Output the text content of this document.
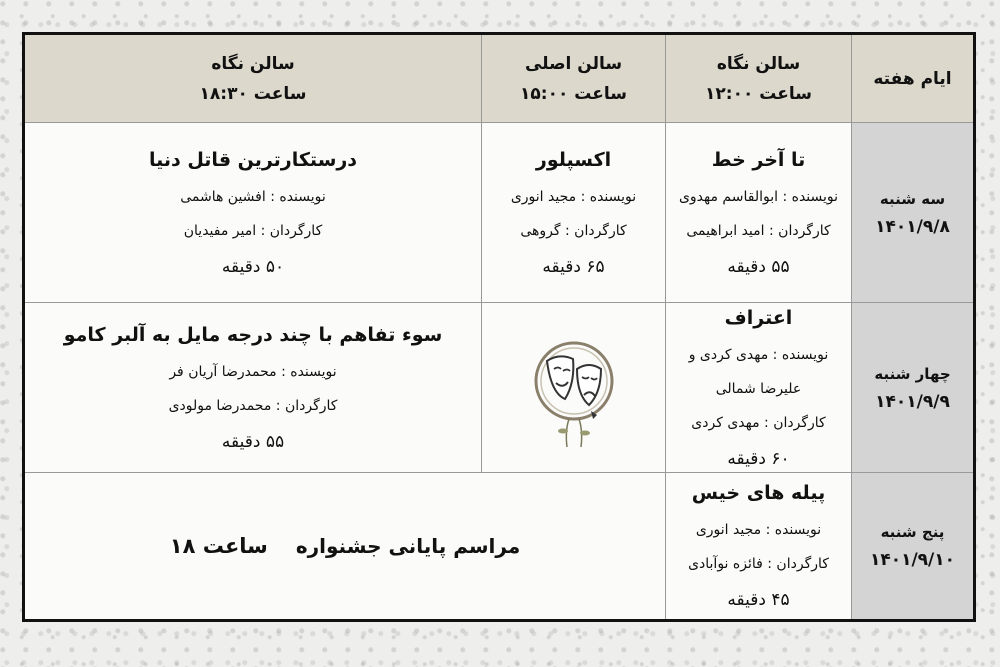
ایام هفته
سالن نگاه
ساعت ۱۲:۰۰
سالن اصلی
ساعت ۱۵:۰۰
سالن نگاه
ساعت ۱۸:۳۰
سه شنبه
۱۴۰۱/۹/۸
تا آخر خط
نویسنده : ابوالقاسم مهدوی
کارگردان : امید ابراهیمی
۵۵ دقیقه
اکسپلور
نویسنده : مجید انوری
کارگردان : گروهی
۶۵ دقیقه
درستکارترین قاتل دنیا
نویسنده : افشین هاشمی
کارگردان : امیر مفیدیان
۵۰ دقیقه
چهار شنبه
۱۴۰۱/۹/۹
اعتراف
نویسنده : مهدی کردی و علیرضا شمالی
کارگردان : مهدی کردی
۶۰ دقیقه
سوء تفاهم با چند درجه مایل به آلبر کامو
نویسنده : محمدرضا آریان فر
کارگردان : محمدرضا مولودی
۵۵ دقیقه
پنج شنبه
۱۴۰۱/۹/۱۰
پیله های خیس
نویسنده : مجید انوری
کارگردان : فائزه نوآبادی
۴۵ دقیقه
مراسم پایانی جشنواره
ساعت ۱۸
